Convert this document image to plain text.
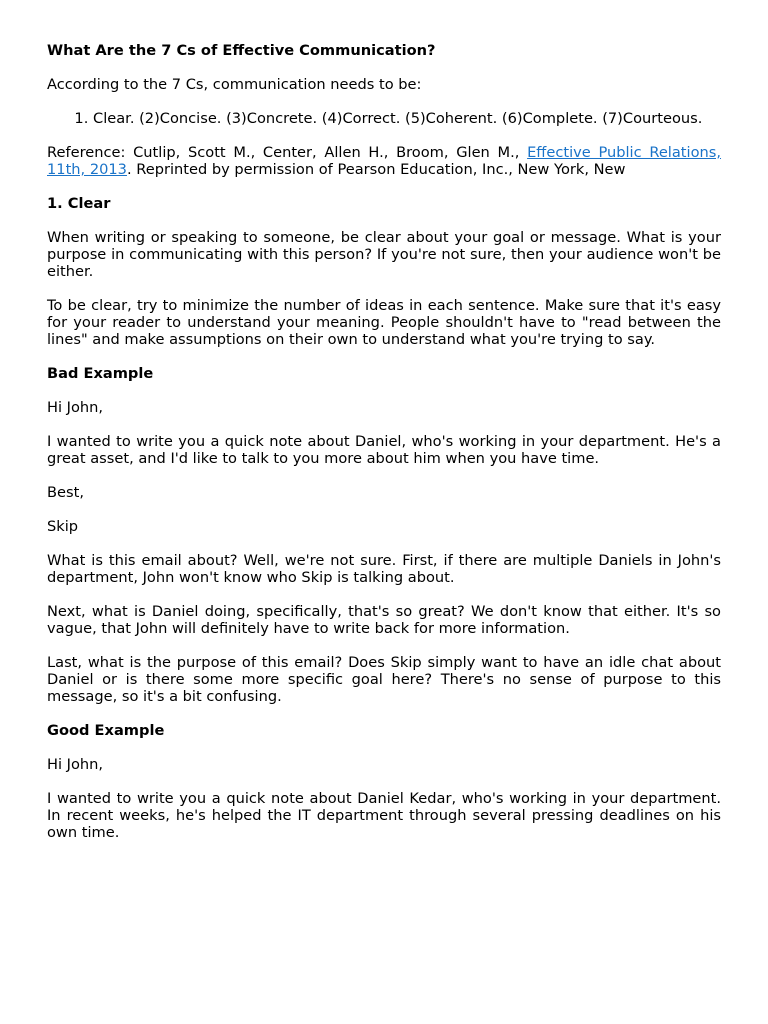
What Are the 7 Cs of Effective Communication?

According to the 7 Cs, communication needs to be:

1. Clear. (2)Concise. (3)Concrete. (4)Correct. (5)Coherent. (6)Complete. (7)Courteous.

Reference: Cutlip, Scott M., Center, Allen H., Broom, Glen M., Effective Public Relations, 11th, 2013. Reprinted by permission of Pearson Education, Inc., New York, New

1. Clear

When writing or speaking to someone, be clear about your goal or message. What is your purpose in communicating with this person? If you're not sure, then your audience won't be either.

To be clear, try to minimize the number of ideas in each sentence. Make sure that it's easy for your reader to understand your meaning. People shouldn't have to "read between the lines" and make assumptions on their own to understand what you're trying to say.

Bad Example

Hi John,

I wanted to write you a quick note about Daniel, who's working in your department. He's a great asset, and I'd like to talk to you more about him when you have time.

Best,

Skip

What is this email about? Well, we're not sure. First, if there are multiple Daniels in John's department, John won't know who Skip is talking about.

Next, what is Daniel doing, specifically, that's so great? We don't know that either. It's so vague, that John will definitely have to write back for more information.

Last, what is the purpose of this email? Does Skip simply want to have an idle chat about Daniel or is there some more specific goal here? There's no sense of purpose to this message, so it's a bit confusing.

Good Example

Hi John,

I wanted to write you a quick note about Daniel Kedar, who's working in your department. In recent weeks, he's helped the IT department through several pressing deadlines on his own time.
